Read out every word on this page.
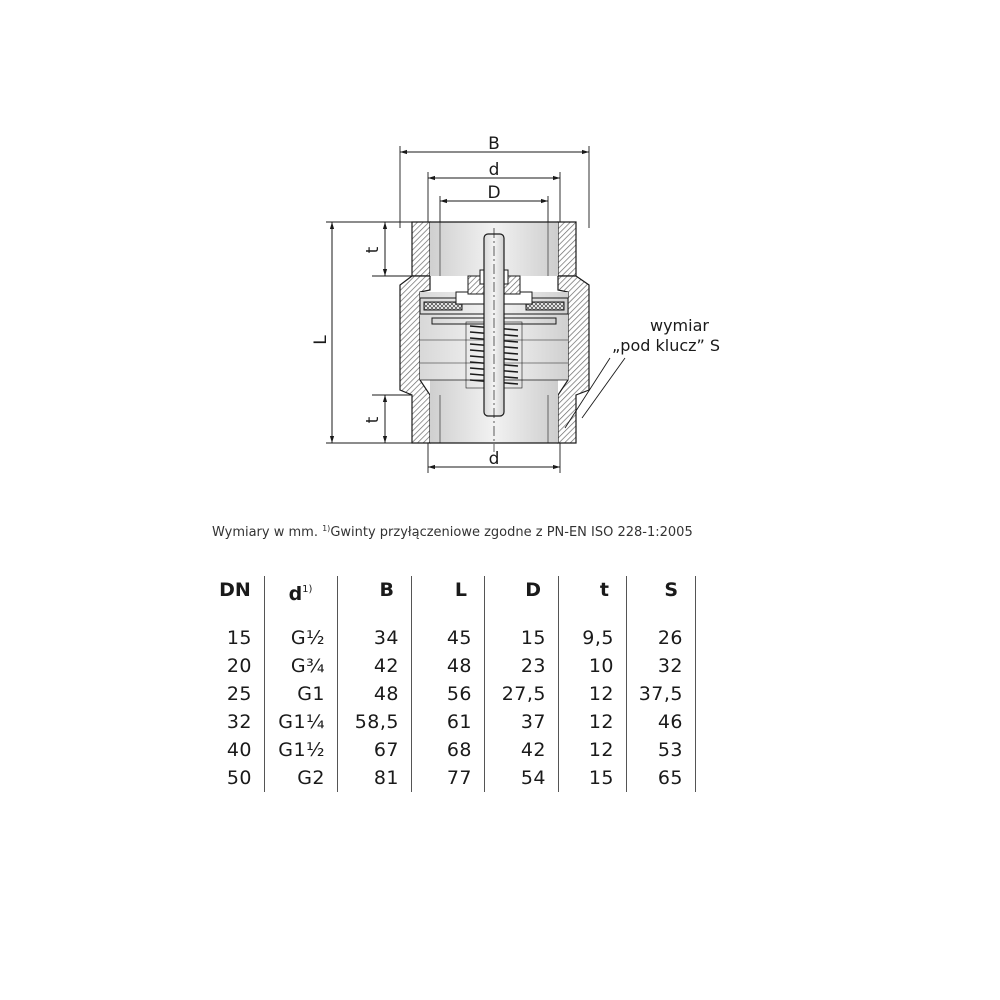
B
d
D
L
t
t
d
wymiar
„pod klucz” S
Wymiary w mm. $^{1)}$Gwinty przyłączeniowe zgodne z PN-EN ISO 228-1:2005
DN
15
20
25
32
40
50
$d^{1)}$
G½
G¾
G1
G1¼
G1½
G2
B
34
42
48
58,5
67
81
L
45
48
56
61
68
77
D
15
23
27,5
37
42
54
t
9,5
10
12
12
12
15
S
26
32
37,5
46
53
65
